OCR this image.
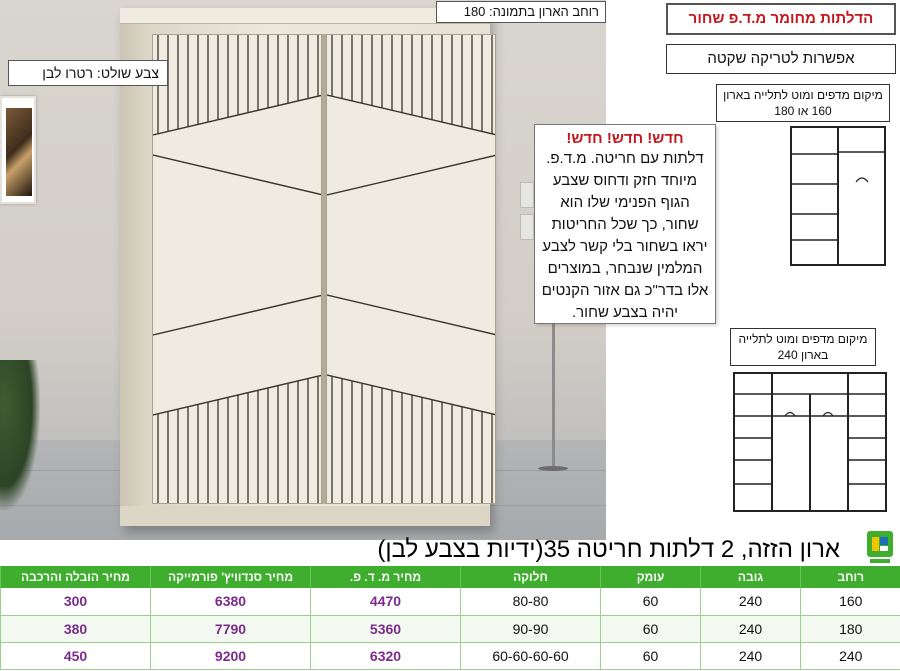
רוחב הארון בתמונה: 180
צבע שולט: רטרו לבן
חדש! חדש! חדש!
דלתות עם חריטה. מ.ד.פ. מיוחד חזק ודחוס שצבע הגוף הפנימי שלו הוא שחור, כך שכל החריטות יראו בשחור בלי קשר לצבע המלמין שנבחר, במוצרים אלו בדר"כ גם אזור הקנטים יהיה בצבע שחור.
הדלתות מחומר מ.ד.פ שחור
אפשרות לטריקה שקטה
מיקום מדפים ומוט לתלייה בארון 160 או 180
מיקום מדפים ומוט לתלייה בארון 240
ארון הזזה, 2 דלתות חריטה 35(ידיות בצבע לבן)
רוחב	גובה	עומק	חלוקה	מחיר מ. ד. פ.	מחיר סנדוויץ' פורמייקה	מחיר הובלה והרכבה
160	240	60	80-80	4470	6380	300
180	240	60	90-90	5360	7790	380
240	240	60	60-60-60-60	6320	9200	450
